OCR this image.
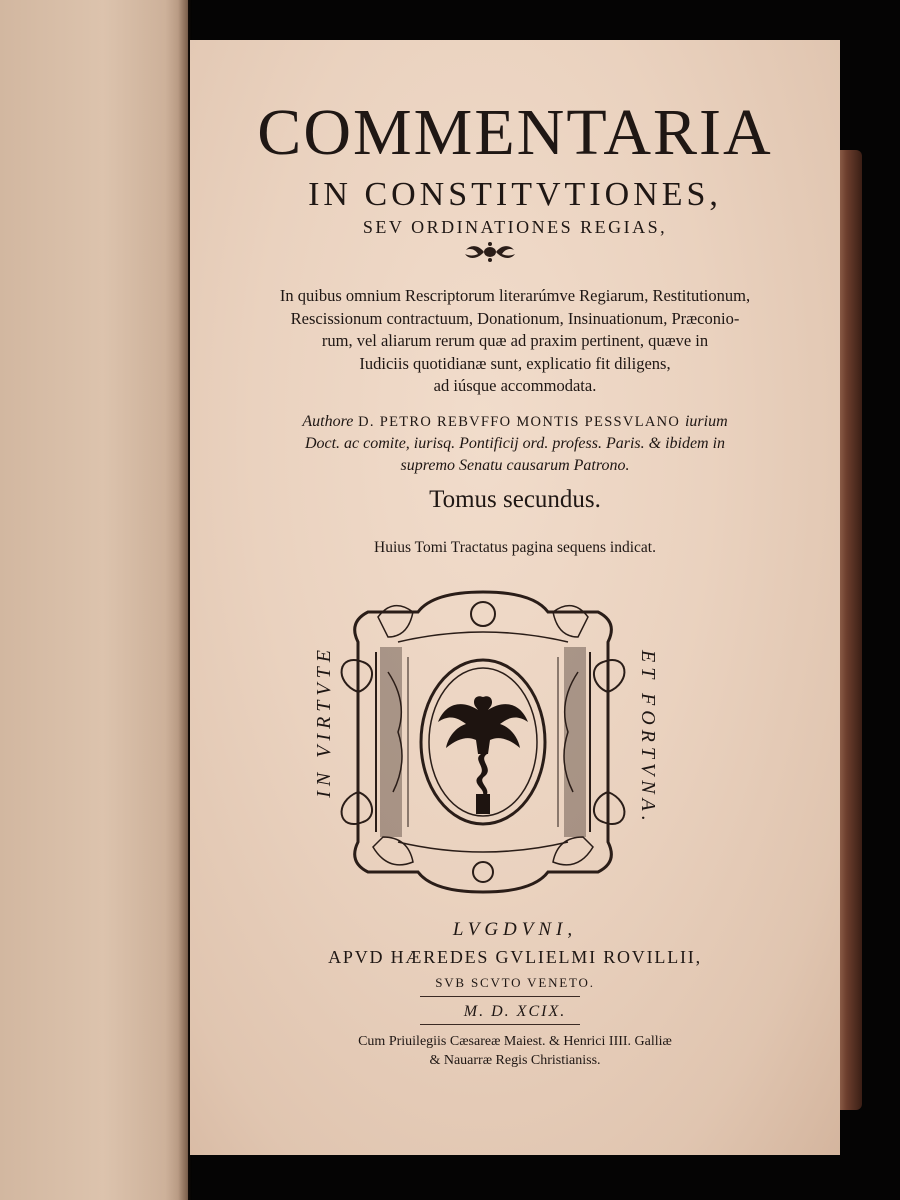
COMMENTARIA
IN CONSTITVTIONES,
SEV ORDINATIONES REGIAS,
In quibus omnium Rescriptorum literarúmve Regiarum, Restitutionum,
Rescissionum contractuum, Donationum, Insinuationum, Præconio-
rum, vel aliarum rerum quæ ad praxim pertinent, quæve in
Iudiciis quotidianæ sunt, explicatio fit diligens,
ad iúsque accommodata.
Authore D. PETRO REBVFFO MONTIS PESSVLANO iurium
Doct. ac comite, iurisq. Pontificij ord. profess. Paris. & ibidem in
supremo Senatu causarum Patrono.
Tomus secundus.
Huius Tomi Tractatus pagina sequens indicat.
IN VIRTVTE	ET FORTVNA.
LVGDVNI,
APVD HÆREDES GVLIELMI ROVILLII,
SVB SCVTO VENETO.
M. D. XCIX.
Cum Priuilegiis Cæsareæ Maiest. & Henrici IIII. Galliæ
& Nauarræ Regis Christianiss.
